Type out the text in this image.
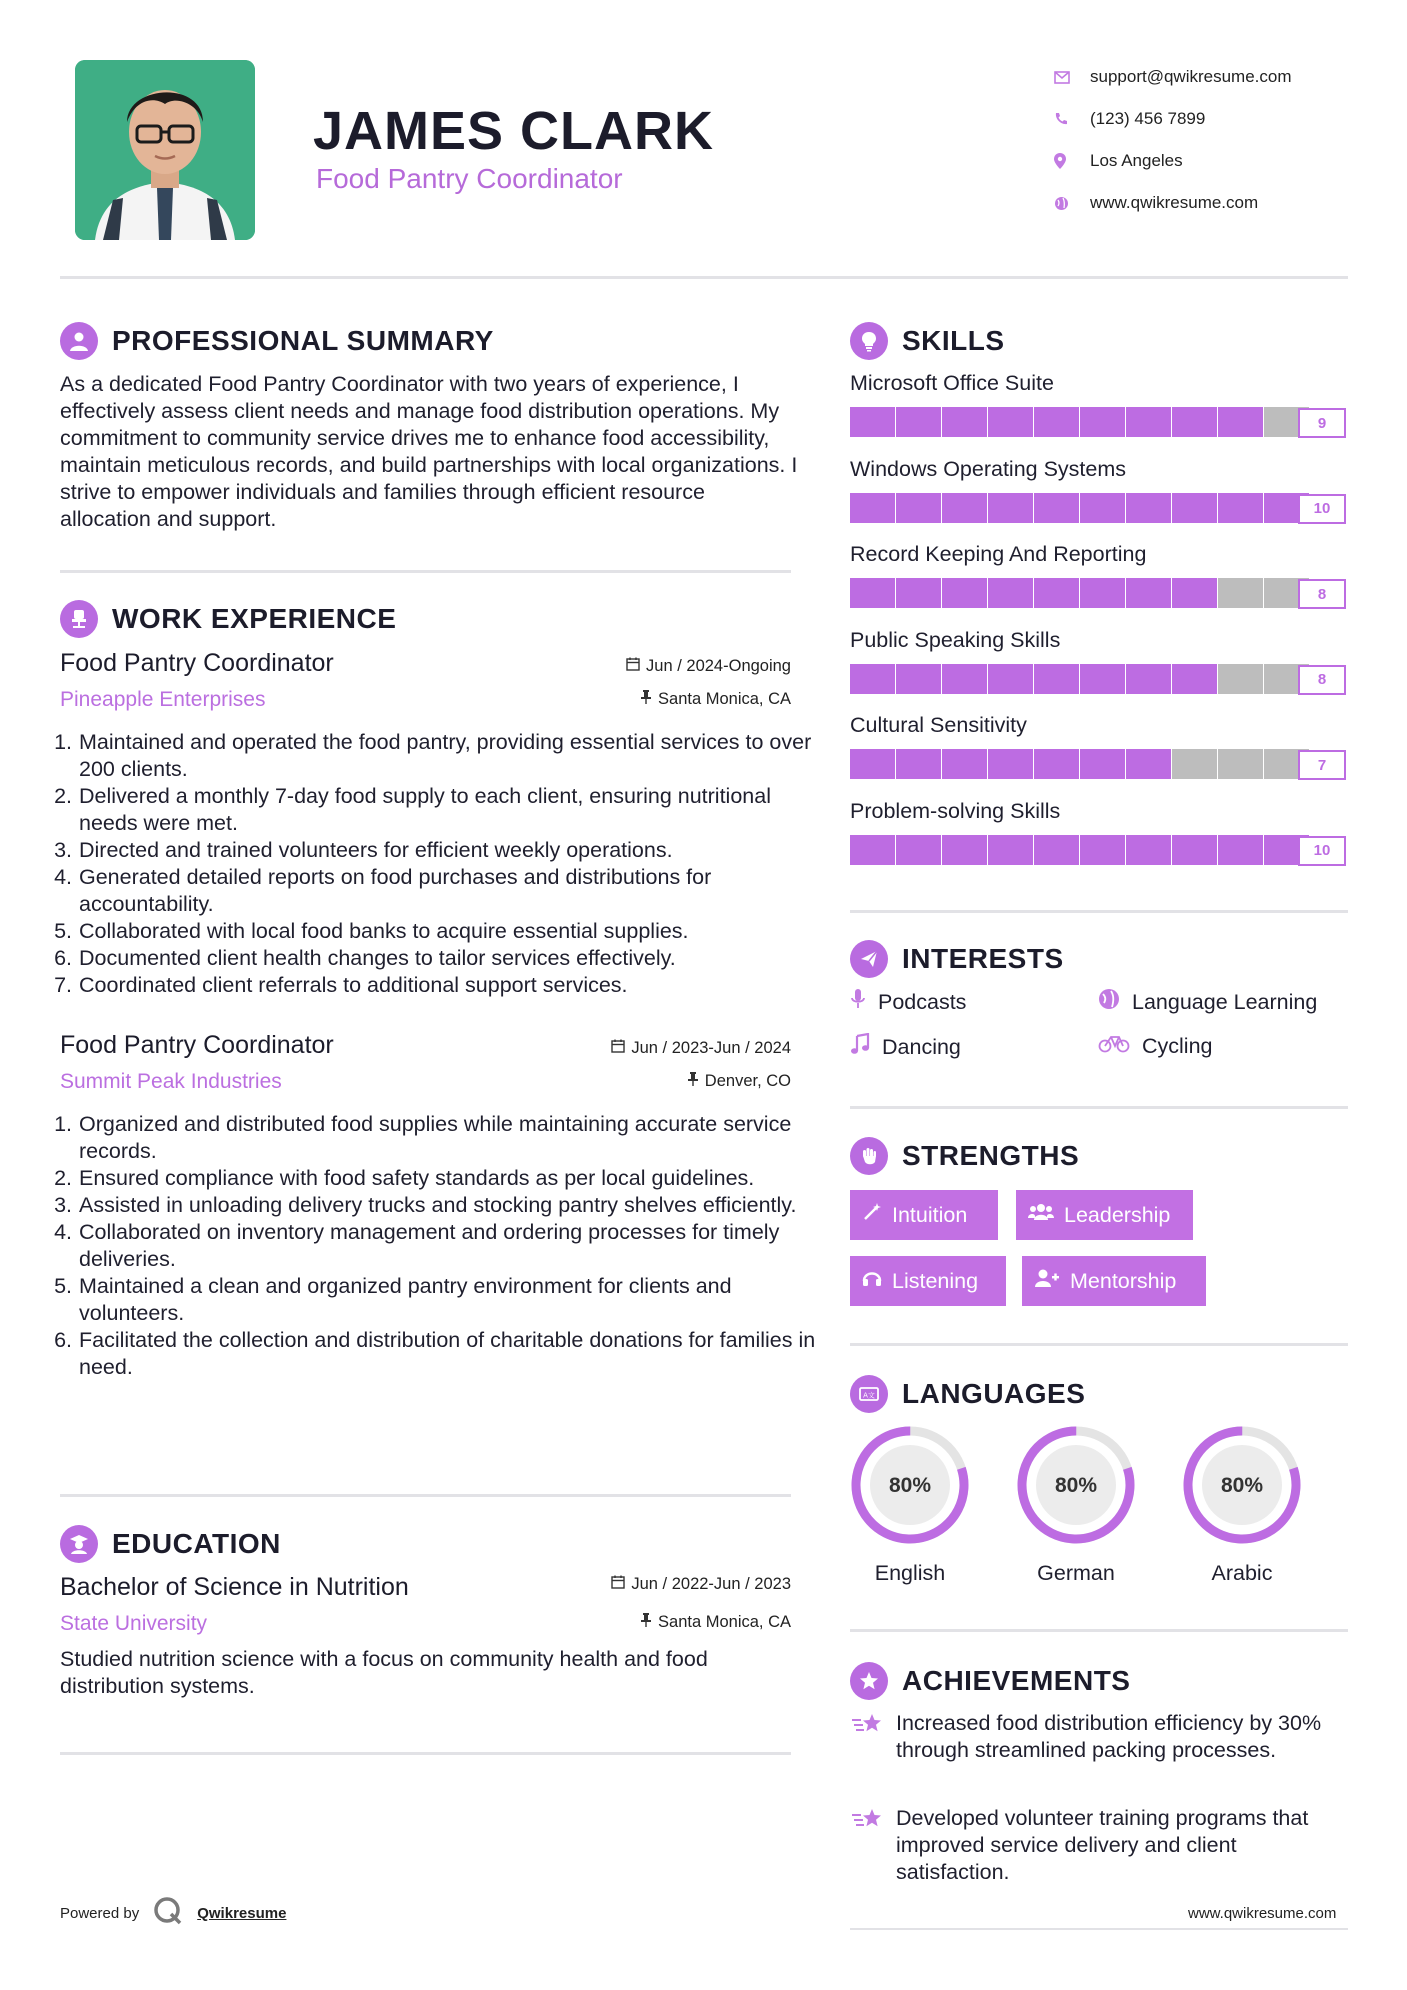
JAMES CLARK
Food Pantry Coordinator
support@qwikresume.com
(123) 456 7899
Los Angeles
www.qwikresume.com
PROFESSIONAL SUMMARY
As a dedicated Food Pantry Coordinator with two years of experience, I effectively assess client needs and manage food distribution operations. My commitment to community service drives me to enhance food accessibility, maintain meticulous records, and build partnerships with local organizations. I strive to empower individuals and families through efficient resource allocation and support.
WORK EXPERIENCE
Food Pantry Coordinator	Jun / 2024-Ongoing
Pineapple Enterprises	Santa Monica, CA
1. Maintained and operated the food pantry, providing essential services to over 200 clients.
2. Delivered a monthly 7-day food supply to each client, ensuring nutritional needs were met.
3. Directed and trained volunteers for efficient weekly operations.
4. Generated detailed reports on food purchases and distributions for accountability.
5. Collaborated with local food banks to acquire essential supplies.
6. Documented client health changes to tailor services effectively.
7. Coordinated client referrals to additional support services.
Food Pantry Coordinator	Jun / 2023-Jun / 2024
Summit Peak Industries	Denver, CO
1. Organized and distributed food supplies while maintaining accurate service records.
2. Ensured compliance with food safety standards as per local guidelines.
3. Assisted in unloading delivery trucks and stocking pantry shelves efficiently.
4. Collaborated on inventory management and ordering processes for timely deliveries.
5. Maintained a clean and organized pantry environment for clients and volunteers.
6. Facilitated the collection and distribution of charitable donations for families in need.
EDUCATION
Bachelor of Science in Nutrition	Jun / 2022-Jun / 2023
State University	Santa Monica, CA
Studied nutrition science with a focus on community health and food distribution systems.
SKILLS
Microsoft Office Suite
9
Windows Operating Systems
10
Record Keeping And Reporting
8
Public Speaking Skills
8
Cultural Sensitivity
7
Problem-solving Skills
10
INTERESTS
Podcasts	Language Learning
Dancing	Cycling
STRENGTHS
Intuition	Leadership
Listening	Mentorship
A文 LANGUAGES
80%
English
80%
German
80%
Arabic
ACHIEVEMENTS
Increased food distribution efficiency by 30% through streamlined packing processes.
Developed volunteer training programs that improved service delivery and client satisfaction.
Powered by	Qwikresume	www.qwikresume.com
